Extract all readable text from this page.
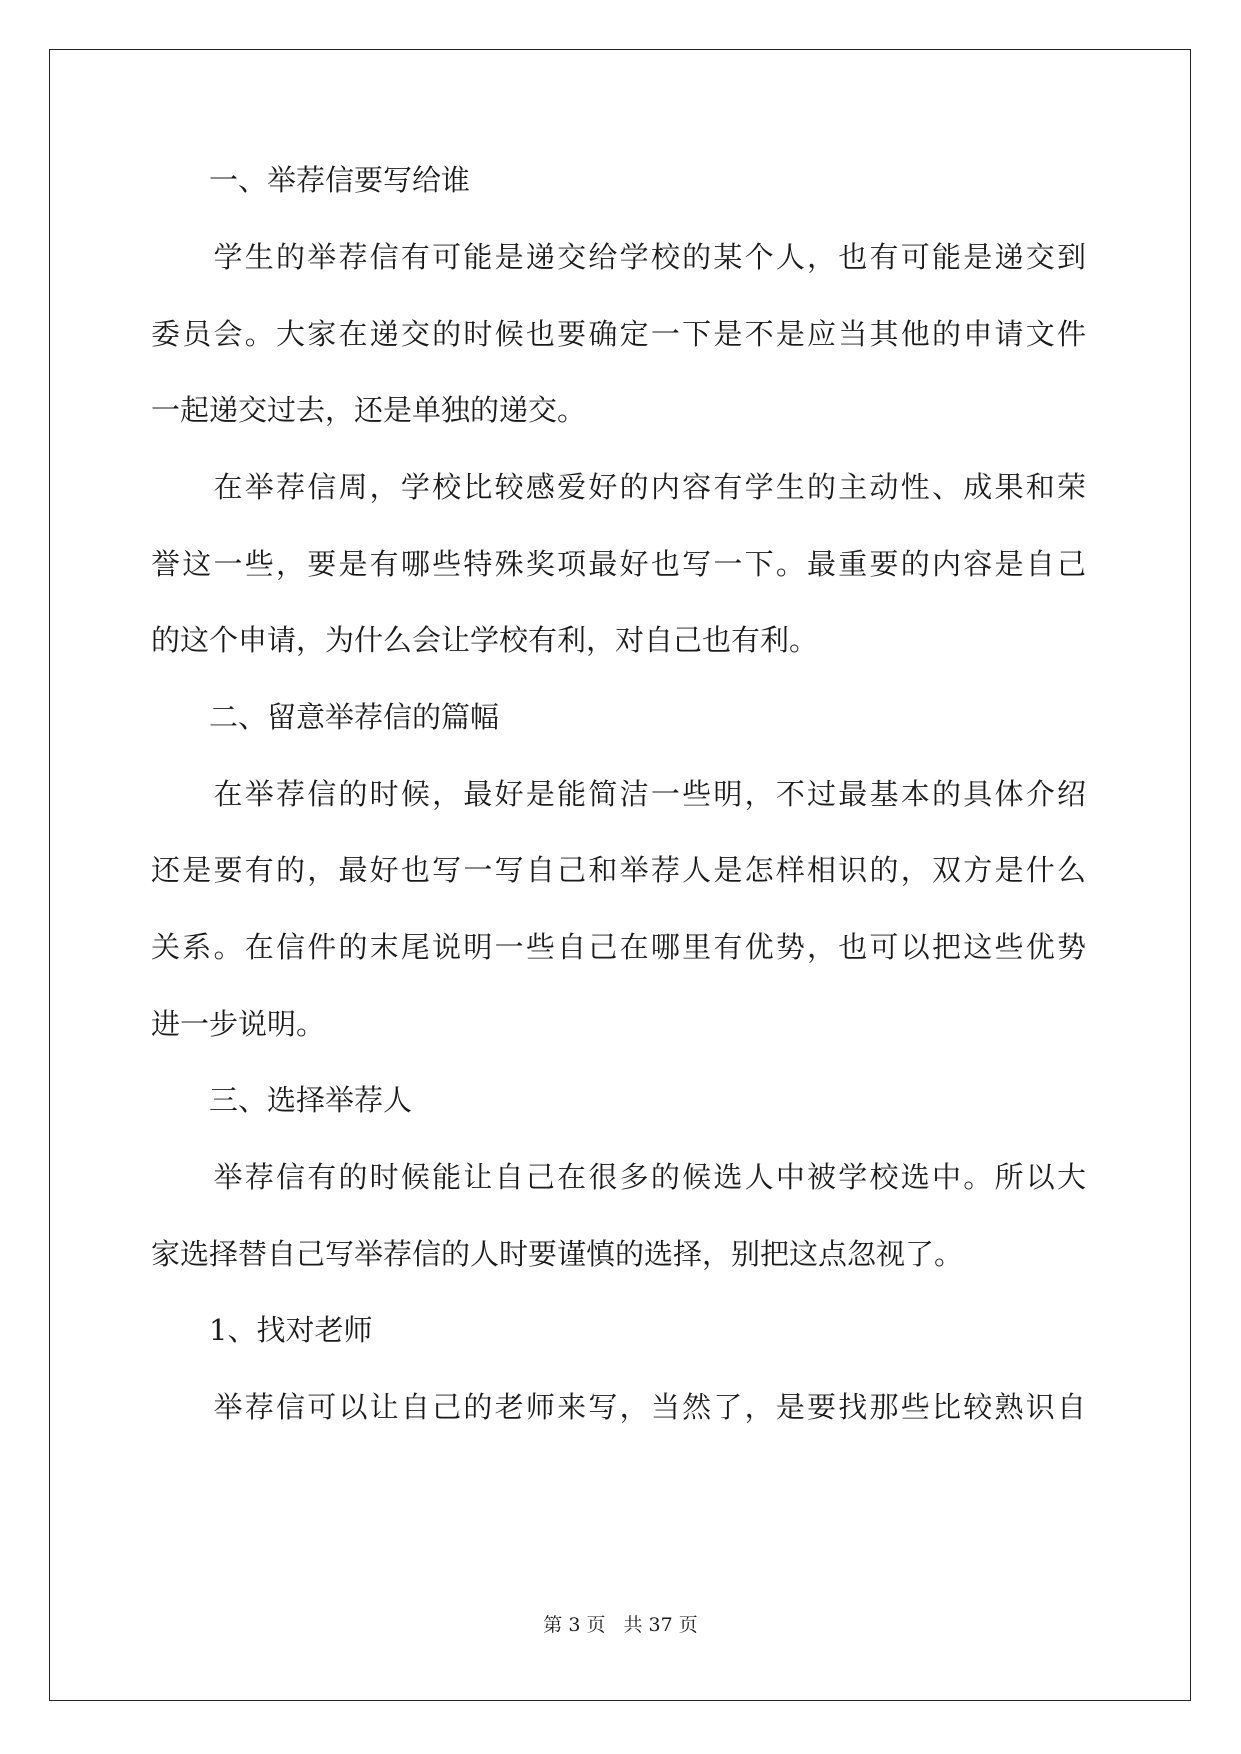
　　一、举荐信要写给谁
　　学生的举荐信有可能是递交给学校的某个人，也有可能是递交到
委员会。大家在递交的时候也要确定一下是不是应当其他的申请文件
一起递交过去，还是单独的递交。
　　在举荐信周，学校比较感爱好的内容有学生的主动性、成果和荣
誉这一些，要是有哪些特殊奖项最好也写一下。最重要的内容是自己
的这个申请，为什么会让学校有利，对自己也有利。
　　二、留意举荐信的篇幅
　　在举荐信的时候，最好是能简洁一些明，不过最基本的具体介绍
还是要有的，最好也写一写自己和举荐人是怎样相识的，双方是什么
关系。在信件的末尾说明一些自己在哪里有优势，也可以把这些优势
进一步说明。
　　三、选择举荐人
　　举荐信有的时候能让自己在很多的候选人中被学校选中。所以大
家选择替自己写举荐信的人时要谨慎的选择，别把这点忽视了。
　　1、找对老师
　　举荐信可以让自己的老师来写，当然了，是要找那些比较熟识自
第 3 页 共 37 页
